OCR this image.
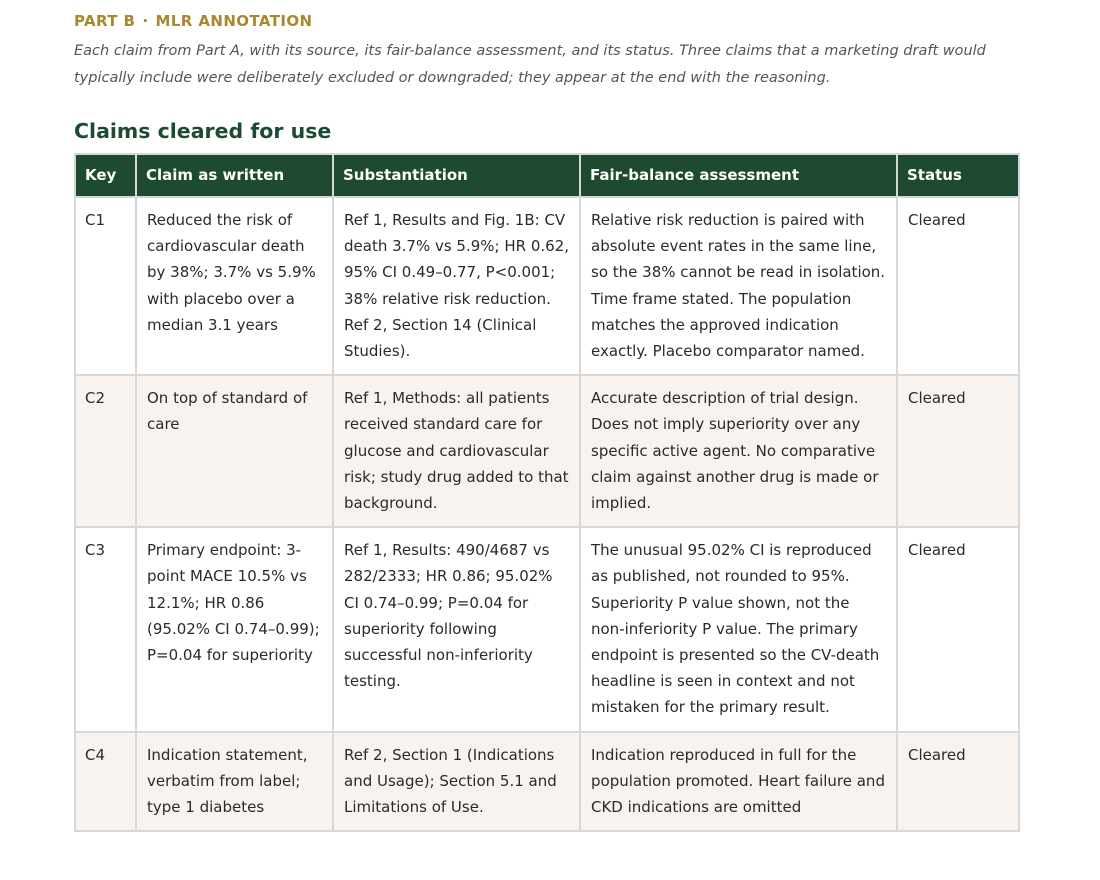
PART B · MLR ANNOTATION
Each claim from Part A, with its source, its fair-balance assessment, and its status. Three claims that a marketing draft would typically include were deliberately excluded or downgraded; they appear at the end with the reasoning.
Claims cleared for use
Key	Claim as written	Substantiation	Fair-balance assessment	Status
C1	Reduced the risk of cardiovascular death by 38%; 3.7% vs 5.9% with placebo over a median 3.1 years	Ref 1, Results and Fig. 1B: CV death 3.7% vs 5.9%; HR 0.62, 95% CI 0.49–0.77, P<0.001; 38% relative risk reduction. Ref 2, Section 14 (Clinical Studies).	Relative risk reduction is paired with absolute event rates in the same line, so the 38% cannot be read in isolation. Time frame stated. The population matches the approved indication exactly. Placebo comparator named.	Cleared
C2	On top of standard of care	Ref 1, Methods: all patients received standard care for glucose and cardiovascular risk; study drug added to that background.	Accurate description of trial design. Does not imply superiority over any specific active agent. No comparative claim against another drug is made or implied.	Cleared
C3	Primary endpoint: 3-point MACE 10.5% vs 12.1%; HR 0.86 (95.02% CI 0.74–0.99); P=0.04 for superiority	Ref 1, Results: 490/4687 vs 282/2333; HR 0.86; 95.02% CI 0.74–0.99; P=0.04 for superiority following successful non-inferiority testing.	The unusual 95.02% CI is reproduced as published, not rounded to 95%. Superiority P value shown, not the non-inferiority P value. The primary endpoint is presented so the CV-death headline is seen in context and not mistaken for the primary result.	Cleared
C4	Indication statement, verbatim from label; type 1 diabetes	Ref 2, Section 1 (Indications and Usage); Section 5.1 and Limitations of Use.	Indication reproduced in full for the population promoted. Heart failure and CKD indications are omitted	Cleared
